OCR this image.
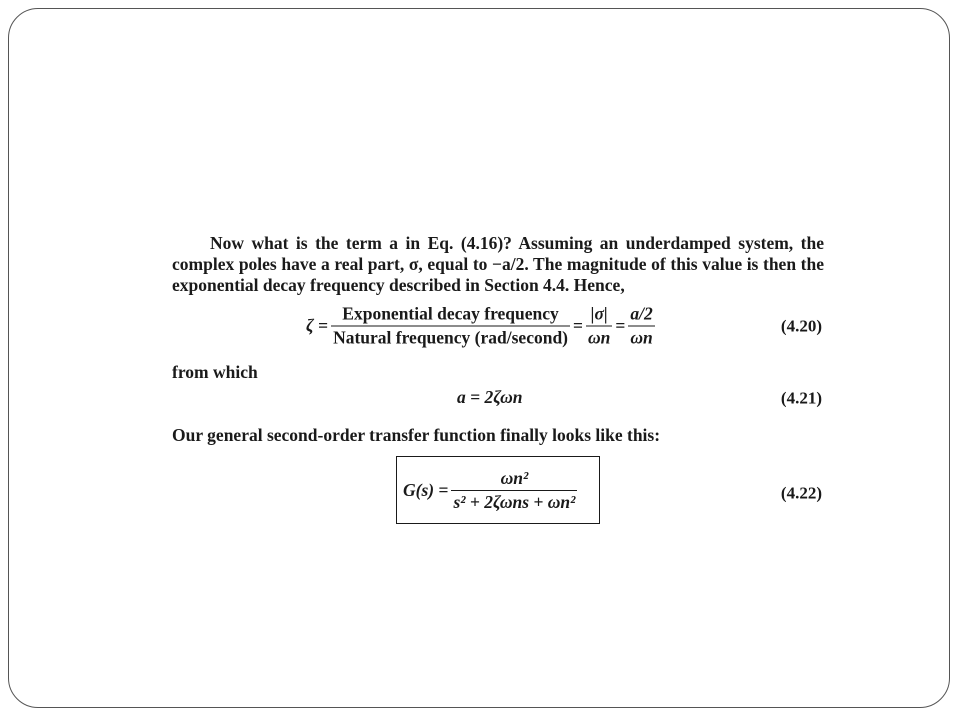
Now what is the term a in Eq. (4.16)? Assuming an underdamped system, the complex poles have a real part, σ, equal to −a/2. The magnitude of this value is then the exponential decay frequency described in Section 4.4. Hence,

$\zeta = \frac{\text{Exponential decay frequency}}{\text{Natural frequency (rad/second)}} = \frac{|\sigma|}{\omega n} = \frac{a/2}{\omega n}$	(4.20)

from which

a = 2ζωn	(4.21)

Our general second-order transfer function finally looks like this:

$G(s) = \frac{\text{ωn²}}{\text{s² + 2ζωns + ωn²}}$	(4.22)
